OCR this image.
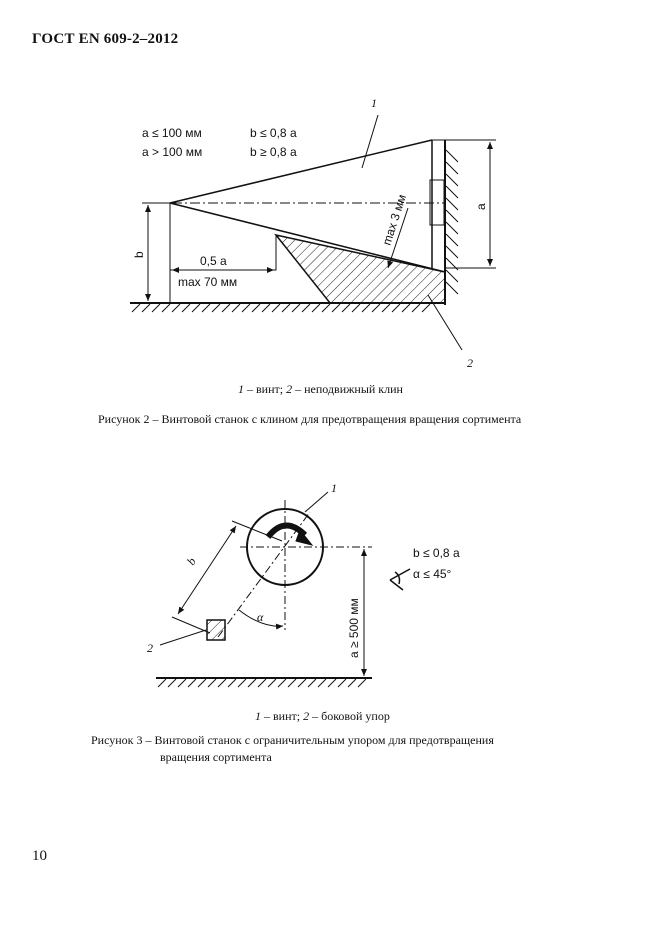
ГОСТ EN 609-2–2012
1
2
a ≤ 100 мм	b ≤ 0,8 a
a > 100 мм	b ≥ 0,8 a
0,5 a
max 70 мм
max 3 мм	a
b
1
2
b ≤ 0,8 a
α ≤ 45°
a ≥ 500 мм
b
α
1 – винт; 2 – неподвижный клин
Рисунок 2 – Винтовой станок с клином для предотвращения вращения сортимента
1 – винт; 2 – боковой упор
Рисунок 3 – Винтовой станок с ограничительным упором для предотвращения
вращения сортимента
10
